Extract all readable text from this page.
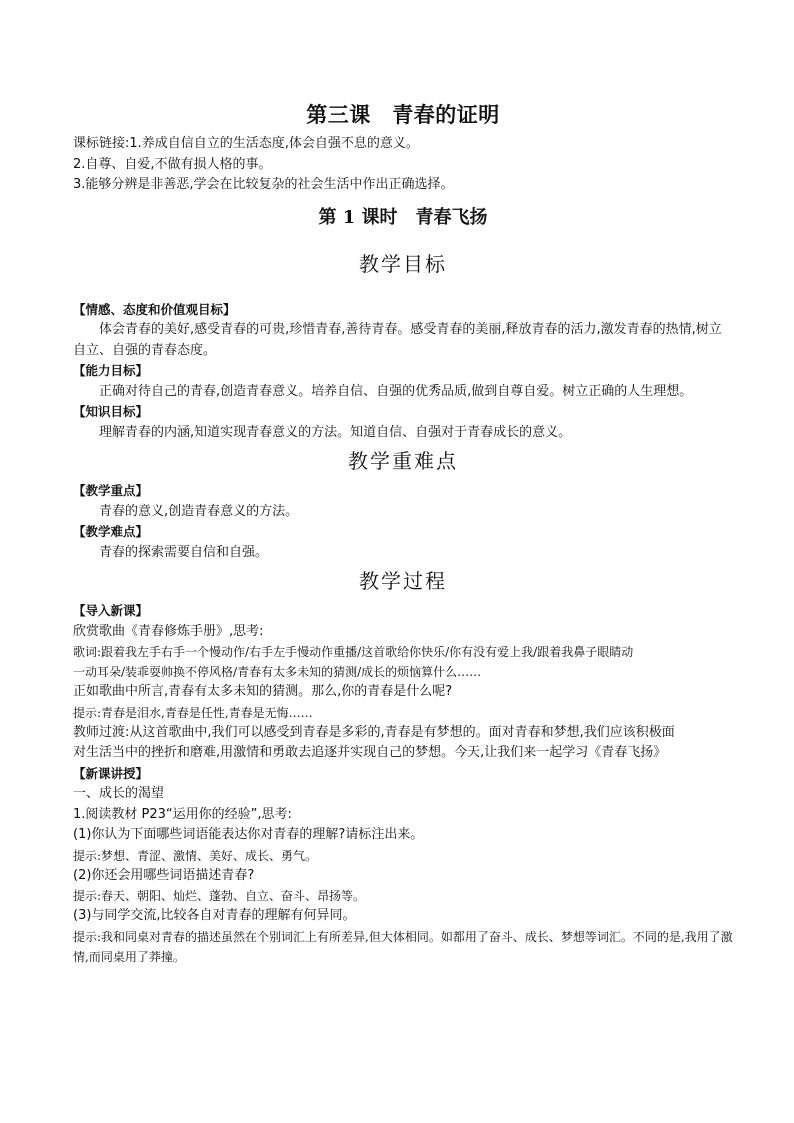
第三课　青春的证明

课标链接:1.养成自信自立的生活态度,体会自强不息的意义。

2.自尊、自爱,不做有损人格的事。

3.能够分辨是非善恶,学会在比较复杂的社会生活中作出正确选择。

第 1 课时　青春飞扬
教学目标

【情感、态度和价值观目标】

体会青春的美好,感受青春的可贵,珍惜青春,善待青春。感受青春的美丽,释放青春的活力,激发青春的热情,树立自立、自强的青春态度。

【能力目标】

正确对待自己的青春,创造青春意义。培养自信、自强的优秀品质,做到自尊自爱。树立正确的人生理想。

【知识目标】

理解青春的内涵,知道实现青春意义的方法。知道自信、自强对于青春成长的意义。

教学重难点

【教学重点】

青春的意义,创造青春意义的方法。

【教学难点】

青春的探索需要自信和自强。

教学过程

【导入新课】

欣赏歌曲《青春修炼手册》,思考:

歌词:跟着我左手右手一个慢动作/右手左手慢动作重播/这首歌给你快乐/你有没有爱上我/跟着我鼻子眼睛动

一动耳朵/装乖耍帅换不停风格/青春有太多未知的猜测/成长的烦恼算什么……

正如歌曲中所言,青春有太多未知的猜测。那么,你的青春是什么呢?

提示:青春是泪水,青春是任性,青春是无悔……

教师过渡:从这首歌曲中,我们可以感受到青春是多彩的,青春是有梦想的。面对青春和梦想,我们应该积极面

对生活当中的挫折和磨难,用激情和勇敢去追逐并实现自己的梦想。今天,让我们来一起学习《青春飞扬》

【新课讲授】

一、成长的渴望

1.阅读教材 P23“运用你的经验”,思考:

(1)你认为下面哪些词语能表达你对青春的理解?请标注出来。

提示:梦想、青涩、激情、美好、成长、勇气。

(2)你还会用哪些词语描述青春?

提示:春天、朝阳、灿烂、蓬勃、自立、奋斗、昂扬等。

(3)与同学交流,比较各自对青春的理解有何异同。

提示:我和同桌对青春的描述虽然在个别词汇上有所差异,但大体相同。如都用了奋斗、成长、梦想等词汇。不同的是,我用了激情,而同桌用了莽撞。
